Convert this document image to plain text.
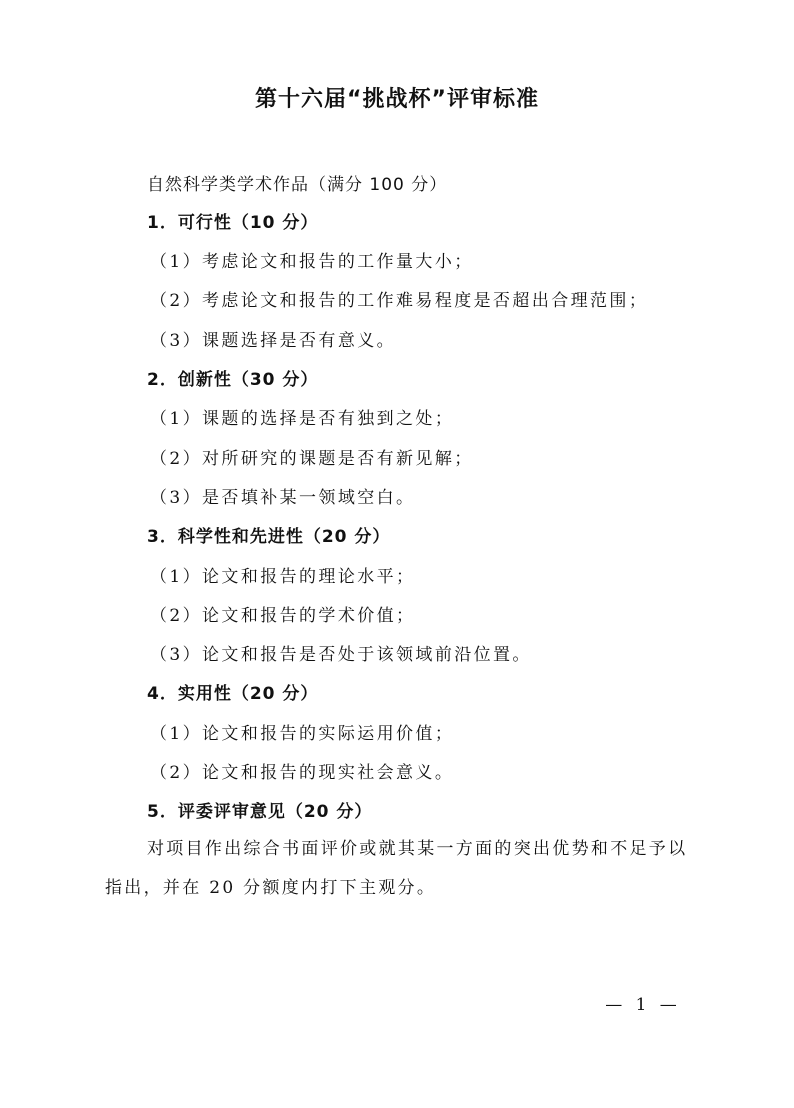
第十六届“挑战杯”评审标准
自然科学类学术作品（满分 100 分）
1．可行性（10 分）
（1）考虑论文和报告的工作量大小；
（2）考虑论文和报告的工作难易程度是否超出合理范围；
（3）课题选择是否有意义。
2．创新性（30 分）
（1）课题的选择是否有独到之处；
（2）对所研究的课题是否有新见解；
（3）是否填补某一领域空白。
3．科学性和先进性（20 分）
（1）论文和报告的理论水平；
（2）论文和报告的学术价值；
（3）论文和报告是否处于该领域前沿位置。
4．实用性（20 分）
（1）论文和报告的实际运用价值；
（2）论文和报告的现实社会意义。
5．评委评审意见（20 分）
对项目作出综合书面评价或就其某一方面的突出优势和不足予以指出，并在 20 分额度内打下主观分。
— 1 —
